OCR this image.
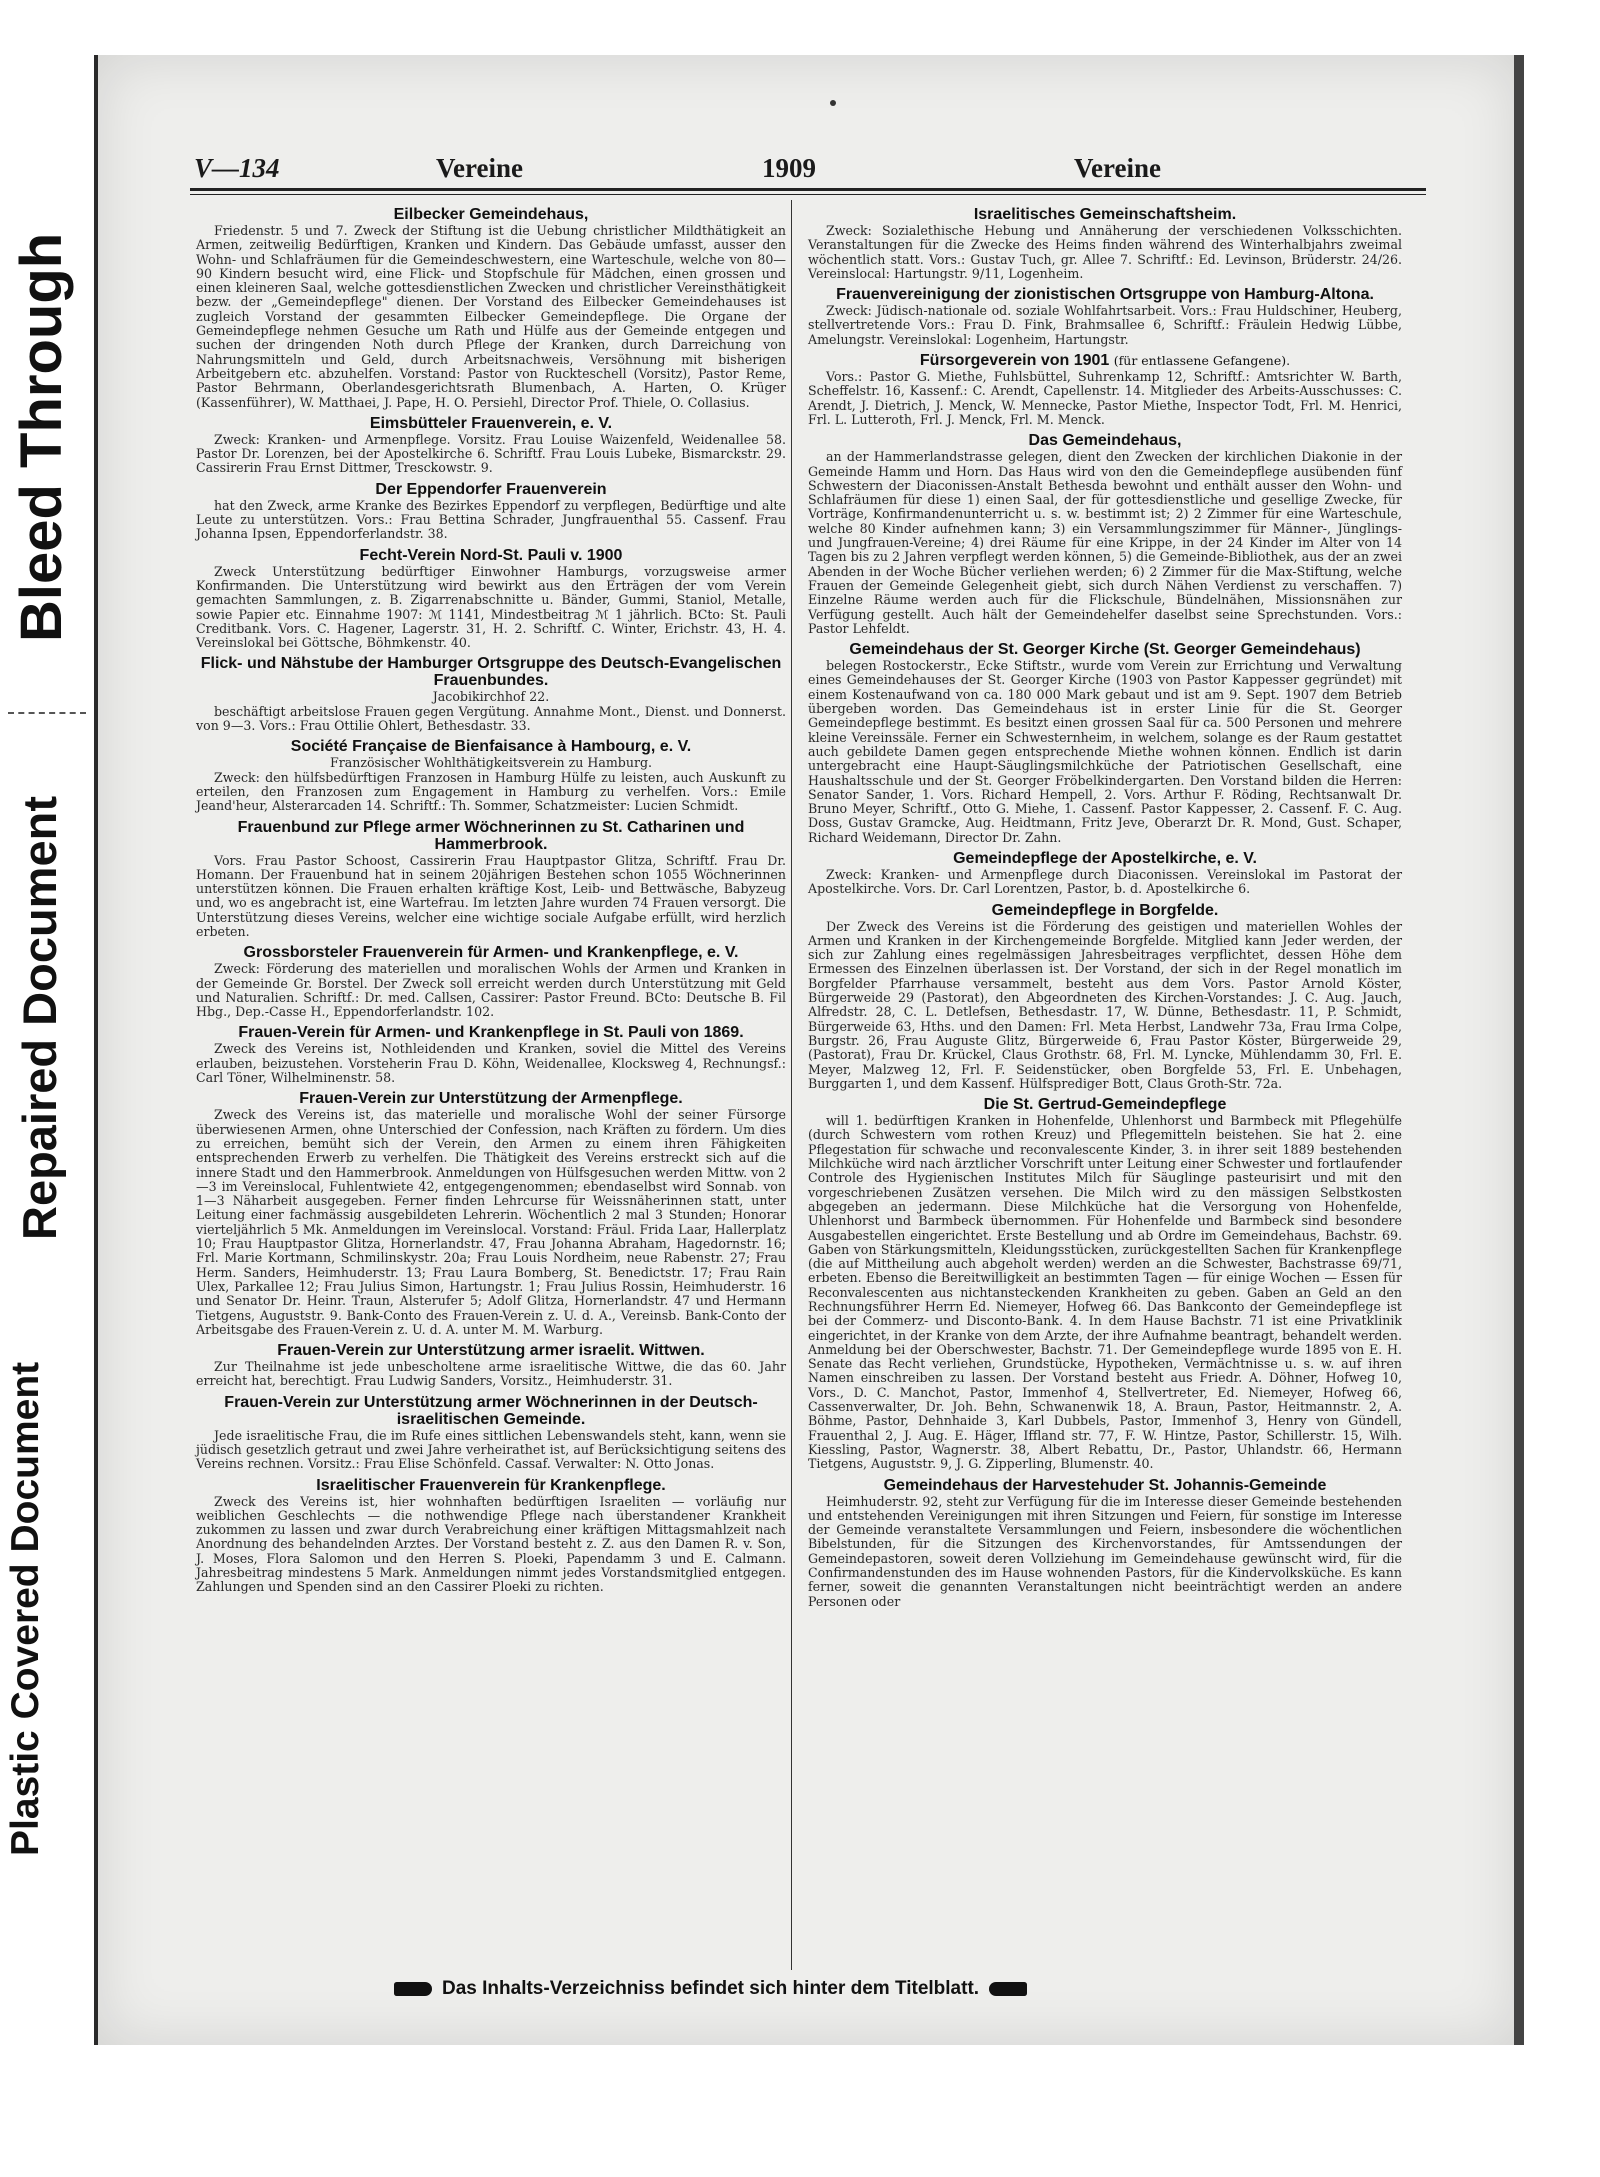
Bleed Through
Repaired Document
Plastic Covered Document
V—134	Vereine	1909	Vereine
Eilbecker Gemeindehaus,

Friedenstr. 5 und 7. Zweck der Stiftung ist die Uebung christlicher Mildthätigkeit an Armen, zeitweilig Bedürftigen, Kranken und Kindern. Das Gebäude umfasst, ausser den Wohn- und Schlafräumen für die Gemeindeschwestern, eine Warteschule, welche von 80—90 Kindern besucht wird, eine Flick- und Stopfschule für Mädchen, einen grossen und einen kleineren Saal, welche gottesdienstlichen Zwecken und christlicher Vereinsthätigkeit bezw. der „Gemeindepflege" dienen. Der Vorstand des Eilbecker Gemeindehauses ist zugleich Vorstand der gesammten Eilbecker Gemeindepflege. Die Organe der Gemeindepflege nehmen Gesuche um Rath und Hülfe aus der Gemeinde entgegen und suchen der dringenden Noth durch Pflege der Kranken, durch Darreichung von Nahrungsmitteln und Geld, durch Arbeitsnachweis, Versöhnung mit bisherigen Arbeitgebern etc. abzuhelfen. Vorstand: Pastor von Ruckteschell (Vorsitz), Pastor Reme, Pastor Behrmann, Oberlandesgerichtsrath Blumenbach, A. Harten, O. Krüger (Kassenführer), W. Matthaei, J. Pape, H. O. Persiehl, Director Prof. Thiele, O. Collasius.

Eimsbütteler Frauenverein, e. V.

Zweck: Kranken- und Armenpflege. Vorsitz. Frau Louise Waizenfeld, Weidenallee 58. Pastor Dr. Lorenzen, bei der Apostelkirche 6. Schriftf. Frau Louis Lubeke, Bismarckstr. 29. Cassirerin Frau Ernst Dittmer, Tresckowstr. 9.

Der Eppendorfer Frauenverein

hat den Zweck, arme Kranke des Bezirkes Eppendorf zu verpflegen, Bedürftige und alte Leute zu unterstützen. Vors.: Frau Bettina Schrader, Jungfrauenthal 55. Cassenf. Frau Johanna Ipsen, Eppendorferlandstr. 38.

Fecht-Verein Nord-St. Pauli v. 1900

Zweck Unterstützung bedürftiger Einwohner Hamburgs, vorzugsweise armer Konfirmanden. Die Unterstützung wird bewirkt aus den Erträgen der vom Verein gemachten Sammlungen, z. B. Zigarrenabschnitte u. Bänder, Gummi, Staniol, Metalle, sowie Papier etc. Einnahme 1907: ℳ 1141, Mindestbeitrag ℳ 1 jährlich. BCto: St. Pauli Creditbank. Vors. C. Hagener, Lagerstr. 31, H. 2. Schriftf. C. Winter, Erichstr. 43, H. 4. Vereinslokal bei Göttsche, Böhmkenstr. 40.

Flick- und Nähstube der Hamburger Ortsgruppe des Deutsch-Evangelischen Frauenbundes.
Jacobikirchhof 22.

beschäftigt arbeitslose Frauen gegen Vergütung. Annahme Mont., Dienst. und Donnerst. von 9—3. Vors.: Frau Ottilie Ohlert, Bethesdastr. 33.

Société Française de Bienfaisance à Hambourg, e. V.
Französischer Wohlthätigkeitsverein zu Hamburg.

Zweck: den hülfsbedürftigen Franzosen in Hamburg Hülfe zu leisten, auch Auskunft zu erteilen, den Franzosen zum Engagement in Hamburg zu verhelfen. Vors.: Emile Jeand'heur, Alsterarcaden 14. Schriftf.: Th. Sommer, Schatzmeister: Lucien Schmidt.

Frauenbund zur Pflege armer Wöchnerinnen zu St. Catharinen und Hammerbrook.

Vors. Frau Pastor Schoost, Cassirerin Frau Hauptpastor Glitza, Schriftf. Frau Dr. Homann. Der Frauenbund hat in seinem 20jährigen Bestehen schon 1055 Wöchnerinnen unterstützen können. Die Frauen erhalten kräftige Kost, Leib- und Bettwäsche, Babyzeug und, wo es angebracht ist, eine Wartefrau. Im letzten Jahre wurden 74 Frauen versorgt. Die Unterstützung dieses Vereins, welcher eine wichtige sociale Aufgabe erfüllt, wird herzlich erbeten.

Grossborsteler Frauenverein für Armen- und Krankenpflege, e. V.

Zweck: Förderung des materiellen und moralischen Wohls der Armen und Kranken in der Gemeinde Gr. Borstel. Der Zweck soll erreicht werden durch Unterstützung mit Geld und Naturalien. Schriftf.: Dr. med. Callsen, Cassirer: Pastor Freund. BCto: Deutsche B. Fil Hbg., Dep.-Casse H., Eppendorferlandstr. 102.

Frauen-Verein für Armen- und Krankenpflege in St. Pauli von 1869.

Zweck des Vereins ist, Nothleidenden und Kranken, soviel die Mittel des Vereins erlauben, beizustehen. Vorsteherin Frau D. Köhn, Weidenallee, Klocksweg 4, Rechnungsf.: Carl Töner, Wilhelminenstr. 58.

Frauen-Verein zur Unterstützung der Armenpflege.

Zweck des Vereins ist, das materielle und moralische Wohl der seiner Fürsorge überwiesenen Armen, ohne Unterschied der Confession, nach Kräften zu fördern. Um dies zu erreichen, bemüht sich der Verein, den Armen zu einem ihren Fähigkeiten entsprechenden Erwerb zu verhelfen. Die Thätigkeit des Vereins erstreckt sich auf die innere Stadt und den Hammerbrook. Anmeldungen von Hülfsgesuchen werden Mittw. von 2—3 im Vereinslocal, Fuhlentwiete 42, entgegengenommen; ebendaselbst wird Sonnab. von 1—3 Näharbeit ausgegeben. Ferner finden Lehrcurse für Weissnäherinnen statt, unter Leitung einer fachmässig ausgebildeten Lehrerin. Wöchentlich 2 mal 3 Stunden; Honorar vierteljährlich 5 Mk. Anmeldungen im Vereinslocal. Vorstand: Fräul. Frida Laar, Hallerplatz 10; Frau Hauptpastor Glitza, Hornerlandstr. 47, Frau Johanna Abraham, Hagedornstr. 16; Frl. Marie Kortmann, Schmilinskystr. 20a; Frau Louis Nordheim, neue Rabenstr. 27; Frau Herm. Sanders, Heimhuderstr. 13; Frau Laura Bomberg, St. Benedictstr. 17; Frau Rain Ulex, Parkallee 12; Frau Julius Simon, Hartungstr. 1; Frau Julius Rossin, Heimhuderstr. 16 und Senator Dr. Heinr. Traun, Alsterufer 5; Adolf Glitza, Hornerlandstr. 47 und Hermann Tietgens, Auguststr. 9. Bank-Conto des Frauen-Verein z. U. d. A., Vereinsb. Bank-Conto der Arbeitsgabe des Frauen-Verein z. U. d. A. unter M. M. Warburg.

Frauen-Verein zur Unterstützung armer israelit. Wittwen.

Zur Theilnahme ist jede unbescholtene arme israelitische Wittwe, die das 60. Jahr erreicht hat, berechtigt. Frau Ludwig Sanders, Vorsitz., Heimhuderstr. 31.

Frauen-Verein zur Unterstützung armer Wöchnerinnen in der Deutsch-israelitischen Gemeinde.

Jede israelitische Frau, die im Rufe eines sittlichen Lebenswandels steht, kann, wenn sie jüdisch gesetzlich getraut und zwei Jahre verheirathet ist, auf Berücksichtigung seitens des Vereins rechnen. Vorsitz.: Frau Elise Schönfeld. Cassaf. Verwalter: N. Otto Jonas.

Israelitischer Frauenverein für Krankenpflege.

Zweck des Vereins ist, hier wohnhaften bedürftigen Israeliten — vorläufig nur weiblichen Geschlechts — die nothwendige Pflege nach überstandener Krankheit zukommen zu lassen und zwar durch Verabreichung einer kräftigen Mittagsmahlzeit nach Anordnung des behandelnden Arztes. Der Vorstand besteht z. Z. aus den Damen R. v. Son, J. Moses, Flora Salomon und den Herren S. Ploeki, Papendamm 3 und E. Calmann. Jahresbeitrag mindestens 5 Mark. Anmeldungen nimmt jedes Vorstandsmitglied entgegen. Zahlungen und Spenden sind an den Cassirer Ploeki zu richten.

Israelitisches Gemeinschaftsheim.

Zweck: Sozialethische Hebung und Annäherung der verschiedenen Volksschichten. Veranstaltungen für die Zwecke des Heims finden während des Winterhalbjahrs zweimal wöchentlich statt. Vors.: Gustav Tuch, gr. Allee 7. Schriftf.: Ed. Levinson, Brüderstr. 24/26. Vereinslocal: Hartungstr. 9/11, Logenheim.

Frauenvereinigung der zionistischen Ortsgruppe von Hamburg-Altona.

Zweck: Jüdisch-nationale od. soziale Wohlfahrtsarbeit. Vors.: Frau Huldschiner, Heuberg, stellvertretende Vors.: Frau D. Fink, Brahmsallee 6, Schriftf.: Fräulein Hedwig Lübbe, Amelungstr. Vereinslokal: Logenheim, Hartungstr.

Fürsorgeverein von 1901 (für entlassene Gefangene).

Vors.: Pastor G. Miethe, Fuhlsbüttel, Suhrenkamp 12, Schriftf.: Amtsrichter W. Barth, Scheffelstr. 16, Kassenf.: C. Arendt, Capellenstr. 14. Mitglieder des Arbeits-Ausschusses: C. Arendt, J. Dietrich, J. Menck, W. Mennecke, Pastor Miethe, Inspector Todt, Frl. M. Henrici, Frl. L. Lutteroth, Frl. J. Menck, Frl. M. Menck.

Das Gemeindehaus,

an der Hammerlandstrasse gelegen, dient den Zwecken der kirchlichen Diakonie in der Gemeinde Hamm und Horn. Das Haus wird von den die Gemeindepflege ausübenden fünf Schwestern der Diaconissen-Anstalt Bethesda bewohnt und enthält ausser den Wohn- und Schlafräumen für diese 1) einen Saal, der für gottesdienstliche und gesellige Zwecke, für Vorträge, Konfirmandenunterricht u. s. w. bestimmt ist; 2) 2 Zimmer für eine Warteschule, welche 80 Kinder aufnehmen kann; 3) ein Versammlungszimmer für Männer-, Jünglings- und Jungfrauen-Vereine; 4) drei Räume für eine Krippe, in der 24 Kinder im Alter von 14 Tagen bis zu 2 Jahren verpflegt werden können, 5) die Gemeinde-Bibliothek, aus der an zwei Abenden in der Woche Bücher verliehen werden; 6) 2 Zimmer für die Max-Stiftung, welche Frauen der Gemeinde Gelegenheit giebt, sich durch Nähen Verdienst zu verschaffen. 7) Einzelne Räume werden auch für die Flickschule, Bündelnähen, Missionsnähen zur Verfügung gestellt. Auch hält der Gemeindehelfer daselbst seine Sprechstunden. Vors.: Pastor Lehfeldt.

Gemeindehaus der St. Georger Kirche (St. Georger Gemeindehaus)

belegen Rostockerstr., Ecke Stiftstr., wurde vom Verein zur Errichtung und Verwaltung eines Gemeindehauses der St. Georger Kirche (1903 von Pastor Kappesser gegründet) mit einem Kostenaufwand von ca. 180 000 Mark gebaut und ist am 9. Sept. 1907 dem Betrieb übergeben worden. Das Gemeindehaus ist in erster Linie für die St. Georger Gemeindepflege bestimmt. Es besitzt einen grossen Saal für ca. 500 Personen und mehrere kleine Vereinssäle. Ferner ein Schwesternheim, in welchem, solange es der Raum gestattet auch gebildete Damen gegen entsprechende Miethe wohnen können. Endlich ist darin untergebracht eine Haupt-Säuglingsmilchküche der Patriotischen Gesellschaft, eine Haushaltsschule und der St. Georger Fröbelkindergarten. Den Vorstand bilden die Herren: Senator Sander, 1. Vors. Richard Hempell, 2. Vors. Arthur F. Röding, Rechtsanwalt Dr. Bruno Meyer, Schriftf., Otto G. Miehe, 1. Cassenf. Pastor Kappesser, 2. Cassenf. F. C. Aug. Doss, Gustav Gramcke, Aug. Heidtmann, Fritz Jeve, Oberarzt Dr. R. Mond, Gust. Schaper, Richard Weidemann, Director Dr. Zahn.

Gemeindepflege der Apostelkirche, e. V.

Zweck: Kranken- und Armenpflege durch Diaconissen. Vereinslokal im Pastorat der Apostelkirche. Vors. Dr. Carl Lorentzen, Pastor, b. d. Apostelkirche 6.

Gemeindepflege in Borgfelde.

Der Zweck des Vereins ist die Förderung des geistigen und materiellen Wohles der Armen und Kranken in der Kirchengemeinde Borgfelde. Mitglied kann Jeder werden, der sich zur Zahlung eines regelmässigen Jahresbeitrages verpflichtet, dessen Höhe dem Ermessen des Einzelnen überlassen ist. Der Vorstand, der sich in der Regel monatlich im Borgfelder Pfarrhause versammelt, besteht aus dem Vors. Pastor Arnold Köster, Bürgerweide 29 (Pastorat), den Abgeordneten des Kirchen-Vorstandes: J. C. Aug. Jauch, Alfredstr. 28, C. L. Detlefsen, Bethesdastr. 17, W. Dünne, Bethesdastr. 11, P. Schmidt, Bürgerweide 63, Hths. und den Damen: Frl. Meta Herbst, Landwehr 73a, Frau Irma Colpe, Burgstr. 26, Frau Auguste Glitz, Bürgerweide 6, Frau Pastor Köster, Bürgerweide 29, (Pastorat), Frau Dr. Krückel, Claus Grothstr. 68, Frl. M. Lyncke, Mühlendamm 30, Frl. E. Meyer, Malzweg 12, Frl. F. Seidenstücker, oben Borgfelde 53, Frl. E. Unbehagen, Burggarten 1, und dem Kassenf. Hülfsprediger Bott, Claus Groth-Str. 72a.

Die St. Gertrud-Gemeindepflege

will 1. bedürftigen Kranken in Hohenfelde, Uhlenhorst und Barmbeck mit Pflegehülfe (durch Schwestern vom rothen Kreuz) und Pflegemitteln beistehen. Sie hat 2. eine Pflegestation für schwache und reconvalescente Kinder, 3. in ihrer seit 1889 bestehenden Milchküche wird nach ärztlicher Vorschrift unter Leitung einer Schwester und fortlaufender Controle des Hygienischen Institutes Milch für Säuglinge pasteurisirt und mit den vorgeschriebenen Zusätzen versehen. Die Milch wird zu den mässigen Selbstkosten abgegeben an jedermann. Diese Milchküche hat die Versorgung von Hohenfelde, Uhlenhorst und Barmbeck übernommen. Für Hohenfelde und Barmbeck sind besondere Ausgabestellen eingerichtet. Erste Bestellung und ab Ordre im Gemeindehaus, Bachstr. 69. Gaben von Stärkungsmitteln, Kleidungsstücken, zurückgestellten Sachen für Krankenpflege (die auf Mittheilung auch abgeholt werden) werden an die Schwester, Bachstrasse 69/71, erbeten. Ebenso die Bereitwilligkeit an bestimmten Tagen — für einige Wochen — Essen für Reconvalescenten aus nichtansteckenden Krankheiten zu geben. Gaben an Geld an den Rechnungsführer Herrn Ed. Niemeyer, Hofweg 66. Das Bankconto der Gemeindepflege ist bei der Commerz- und Disconto-Bank. 4. In dem Hause Bachstr. 71 ist eine Privatklinik eingerichtet, in der Kranke von dem Arzte, der ihre Aufnahme beantragt, behandelt werden. Anmeldung bei der Oberschwester, Bachstr. 71. Der Gemeindepflege wurde 1895 von E. H. Senate das Recht verliehen, Grundstücke, Hypotheken, Vermächtnisse u. s. w. auf ihren Namen einschreiben zu lassen. Der Vorstand besteht aus Friedr. A. Döhner, Hofweg 10, Vors., D. C. Manchot, Pastor, Immenhof 4, Stellvertreter, Ed. Niemeyer, Hofweg 66, Cassenverwalter, Dr. Joh. Behn, Schwanenwik 18, A. Braun, Pastor, Heitmannstr. 2, A. Böhme, Pastor, Dehnhaide 3, Karl Dubbels, Pastor, Immenhof 3, Henry von Gündell, Frauenthal 2, J. Aug. E. Häger, Iffland str. 77, F. W. Hintze, Pastor, Schillerstr. 15, Wilh. Kiessling, Pastor, Wagnerstr. 38, Albert Rebattu, Dr., Pastor, Uhlandstr. 66, Hermann Tietgens, Auguststr. 9, J. G. Zipperling, Blumenstr. 40.

Gemeindehaus der Harvestehuder St. Johannis-Gemeinde

Heimhuderstr. 92, steht zur Verfügung für die im Interesse dieser Gemeinde bestehenden und entstehenden Vereinigungen mit ihren Sitzungen und Feiern, für sonstige im Interesse der Gemeinde veranstaltete Versammlungen und Feiern, insbesondere die wöchentlichen Bibelstunden, für die Sitzungen des Kirchenvorstandes, für Amtssendungen der Gemeindepastoren, soweit deren Vollziehung im Gemeindehause gewünscht wird, für die Confirmandenstunden des im Hause wohnenden Pastors, für die Kindervolksküche. Es kann ferner, soweit die genannten Veranstaltungen nicht beeinträchtigt werden an andere Personen oder

Das Inhalts-Verzeichniss befindet sich hinter dem Titelblatt.
